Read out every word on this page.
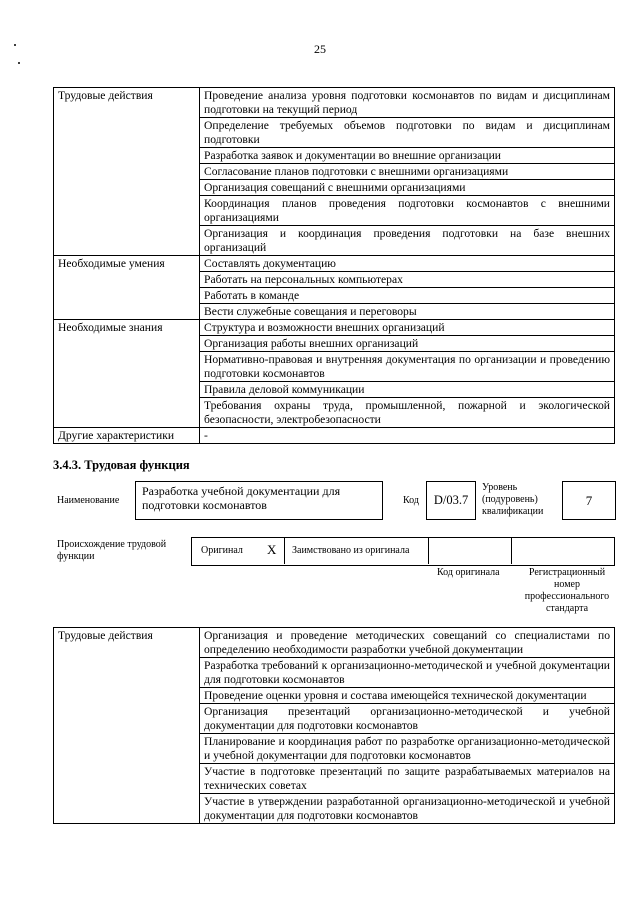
25
Трудовые действия	Проведение анализа уровня подготовки космонавтов по видам и дисциплинам подготовки на текущий период
	Определение требуемых объемов подготовки по видам и дисциплинам подготовки
	Разработка заявок и документации во внешние организации
	Согласование планов подготовки с внешними организациями
	Организация совещаний с внешними организациями
	Координация планов проведения подготовки космонавтов с внешними организациями
	Организация и координация проведения подготовки на базе внешних организаций
Необходимые умения	Составлять документацию
	Работать на персональных компьютерах
	Работать в команде
	Вести служебные совещания и переговоры
Необходимые знания	Структура и возможности внешних организаций
	Организация работы внешних организаций
	Нормативно-правовая и внутренняя документация по организации и проведению подготовки космонавтов
	Правила деловой коммуникации
	Требования охраны труда, промышленной, пожарной и экологической безопасности, электробезопасности
Другие характеристики	-
3.4.3. Трудовая функция
Наименование
Разработка учебной документации для подготовки космонавтов	Код	D/03.7
Уровень (подуровень) квалификации
7
Происхождение трудовой функции
Оригинал X Заимствовано из оригинала
Код оригинала	Регистрационный номер профессионального стандарта
Трудовые действия	Организация и проведение методических совещаний со специалистами по определению необходимости разработки учебной документации
Разработка требований к организационно-методической и учебной документации для подготовки космонавтов
Проведение оценки уровня и состава имеющейся технической документации
Организация презентаций организационно-методической и учебной документации для подготовки космонавтов
Планирование и координация работ по разработке организационно-методической и учебной документации для подготовки космонавтов
Участие в подготовке презентаций по защите разрабатываемых материалов на технических советах
Участие в утверждении разработанной организационно-методической и учебной документации для подготовки космонавтов
